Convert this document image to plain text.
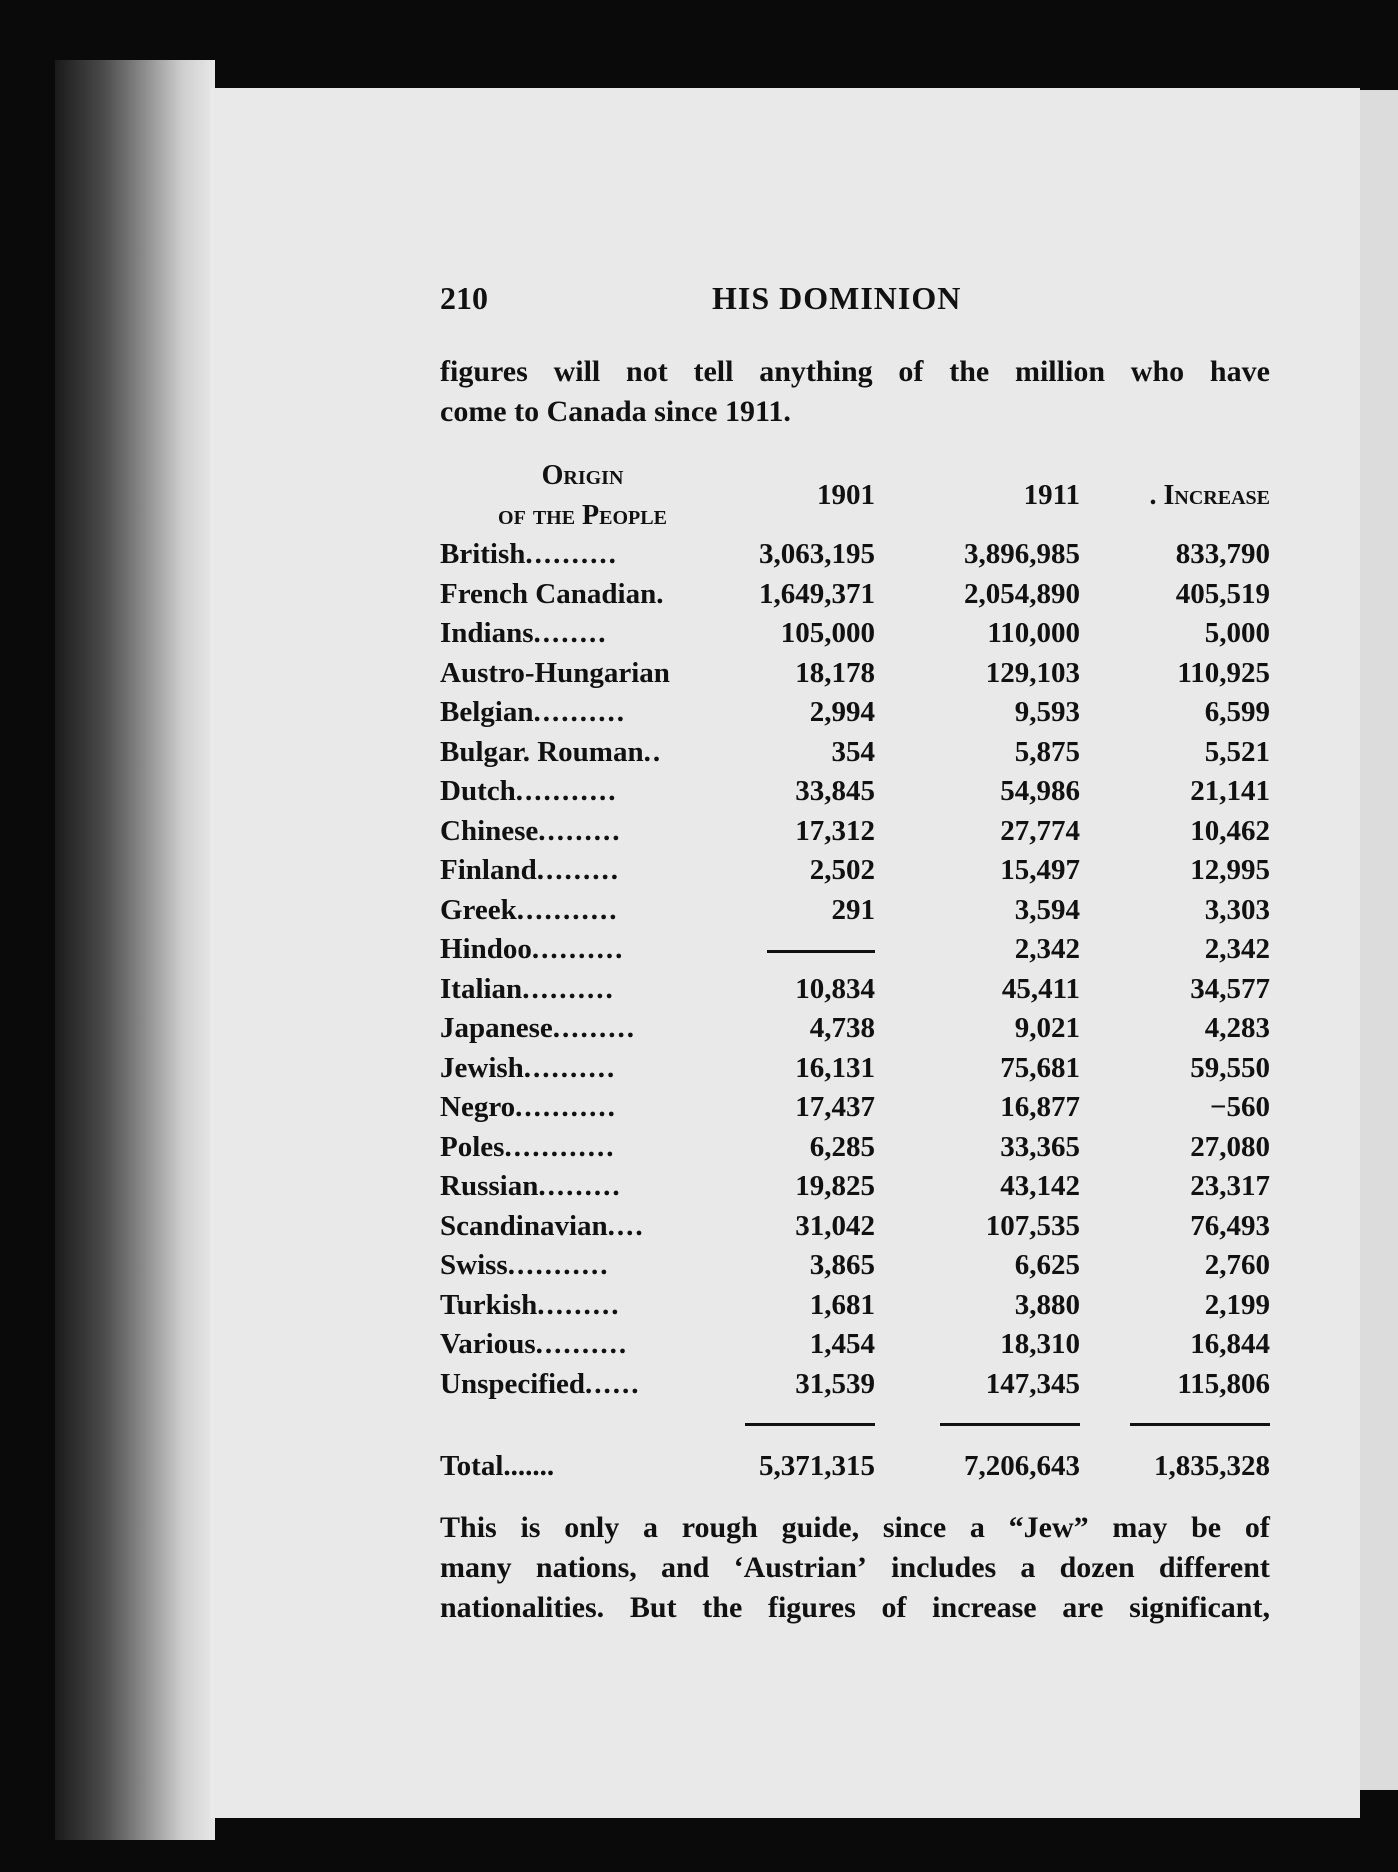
210	HIS DOMINION
figures will not tell anything of the million who have
come to Canada since 1911.
Origin
of the People	1901	1911	. Increase
British..........	3,063,195	3,896,985	833,790
French Canadian.	1,649,371	2,054,890	405,519
Indians........	105,000	110,000	5,000
Austro-Hungarian	18,178	129,103	110,925
Belgian..........	2,994	9,593	6,599
Bulgar. Rouman..	354	5,875	5,521
Dutch...........	33,845	54,986	21,141
Chinese.........	17,312	27,774	10,462
Finland.........	2,502	15,497	12,995
Greek...........	291	3,594	3,303
Hindoo..........		2,342	2,342
Italian..........	10,834	45,411	34,577
Japanese.........	4,738	9,021	4,283
Jewish..........	16,131	75,681	59,550
Negro...........	17,437	16,877	−560
Poles............	6,285	33,365	27,080
Russian.........	19,825	43,142	23,317
Scandinavian....	31,042	107,535	76,493
Swiss...........	3,865	6,625	2,760
Turkish.........	1,681	3,880	2,199
Various..........	1,454	18,310	16,844
Unspecified......	31,539	147,345	115,806

Total.......	5,371,315	7,206,643	1,835,328
This is only a rough guide, since a “Jew” may be of
many nations, and ‘Austrian’ includes a dozen different
nationalities. But the figures of increase are significant,
